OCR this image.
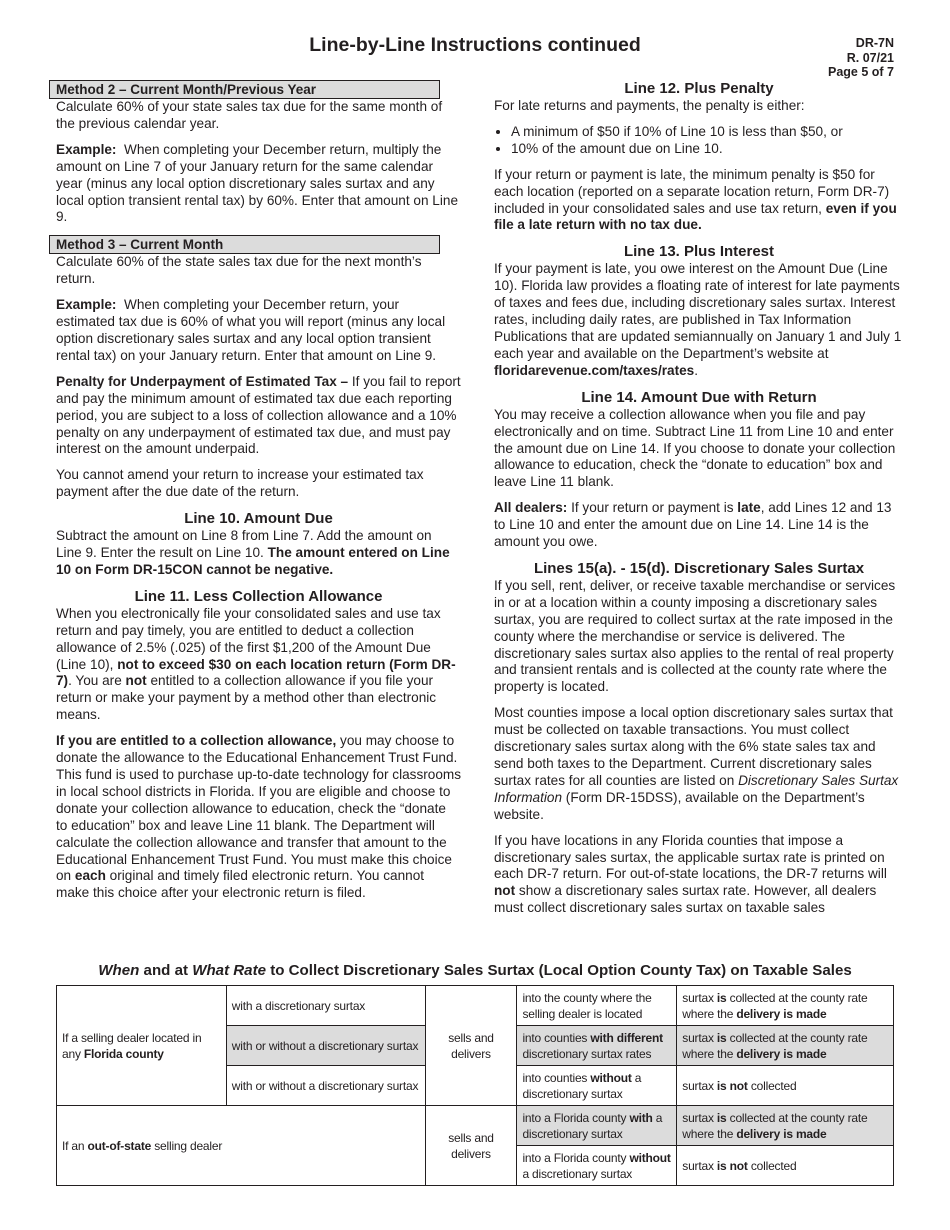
Line-by-Line Instructions continued	DR-7N
R. 07/21
Page 5 of 7
Method 2 – Current Month/Previous Year

Calculate 60% of your state sales tax due for the same month of the previous calendar year.

Example: When completing your December return, multiply the amount on Line 7 of your January return for the same calendar year (minus any local option discretionary sales surtax and any local option transient rental tax) by 60%. Enter that amount on Line 9.

Method 3 – Current Month

Calculate 60% of the state sales tax due for the next month’s return.

Example: When completing your December return, your estimated tax due is 60% of what you will report (minus any local option discretionary sales surtax and any local option transient rental tax) on your January return. Enter that amount on Line 9.

Penalty for Underpayment of Estimated Tax – If you fail to report and pay the minimum amount of estimated tax due each reporting period, you are subject to a loss of collection allowance and a 10% penalty on any underpayment of estimated tax due, and must pay interest on the amount underpaid.

You cannot amend your return to increase your estimated tax payment after the due date of the return.

Line 10. Amount Due

Subtract the amount on Line 8 from Line 7. Add the amount on Line 9. Enter the result on Line 10. The amount entered on Line 10 on Form DR-15CON cannot be negative.

Line 11. Less Collection Allowance

When you electronically file your consolidated sales and use tax return and pay timely, you are entitled to deduct a collection allowance of 2.5% (.025) of the first $1,200 of the Amount Due (Line 10), not to exceed $30 on each location return (Form DR-7). You are not entitled to a collection allowance if you file your return or make your payment by a method other than electronic means.

If you are entitled to a collection allowance, you may choose to donate the allowance to the Educational Enhancement Trust Fund. This fund is used to purchase up-to-date technology for classrooms in local school districts in Florida. If you are eligible and choose to donate your collection allowance to education, check the “donate to education” box and leave Line 11 blank. The Department will calculate the collection allowance and transfer that amount to the Educational Enhancement Trust Fund. You must make this choice on each original and timely filed electronic return. You cannot make this choice after your electronic return is filed.

Line 12. Plus Penalty

For late returns and payments, the penalty is either:

• A minimum of $50 if 10% of Line 10 is less than $50, or
• 10% of the amount due on Line 10.

If your return or payment is late, the minimum penalty is $50 for each location (reported on a separate location return, Form DR-7) included in your consolidated sales and use tax return, even if you file a late return with no tax due.

Line 13. Plus Interest

If your payment is late, you owe interest on the Amount Due (Line 10). Florida law provides a floating rate of interest for late payments of taxes and fees due, including discretionary sales surtax. Interest rates, including daily rates, are published in Tax Information Publications that are updated semiannually on January 1 and July 1 each year and available on the Department’s website at floridarevenue.com/taxes/rates.

Line 14. Amount Due with Return

You may receive a collection allowance when you file and pay electronically and on time. Subtract Line 11 from Line 10 and enter the amount due on Line 14. If you choose to donate your collection allowance to education, check the “donate to education” box and leave Line 11 blank.

All dealers: If your return or payment is late, add Lines 12 and 13 to Line 10 and enter the amount due on Line 14. Line 14 is the amount you owe.

Lines 15(a). - 15(d). Discretionary Sales Surtax

If you sell, rent, deliver, or receive taxable merchandise or services in or at a location within a county imposing a discretionary sales surtax, you are required to collect surtax at the rate imposed in the county where the merchandise or service is delivered. The discretionary sales surtax also applies to the rental of real property and transient rentals and is collected at the county rate where the property is located.

Most counties impose a local option discretionary sales surtax that must be collected on taxable transactions. You must collect discretionary sales surtax along with the 6% state sales tax and send both taxes to the Department. Current discretionary sales surtax rates for all counties are listed on Discretionary Sales Surtax Information (Form DR-15DSS), available on the Department’s website.

If you have locations in any Florida counties that impose a discretionary sales surtax, the applicable surtax rate is printed on each DR-7 return. For out-of-state locations, the DR-7 returns will not show a discretionary sales surtax rate. However, all dealers must collect discretionary sales surtax on taxable sales

When and at What Rate to Collect Discretionary Sales Surtax (Local Option County Tax) on Taxable Sales
If a selling dealer located in any Florida county	with a discretionary surtax	sells and delivers	into the county where the selling dealer is located	surtax is collected at the county rate where the delivery is made
	with or without a discretionary surtax		into counties with different discretionary surtax rates	surtax is collected at the county rate where the delivery is made
	with or without a discretionary surtax		into counties without a discretionary surtax	surtax is not collected
If an out-of-state selling dealer		sells and delivers	into a Florida county with a discretionary surtax	surtax is collected at the county rate where the delivery is made
			into a Florida county without a discretionary surtax	surtax is not collected
